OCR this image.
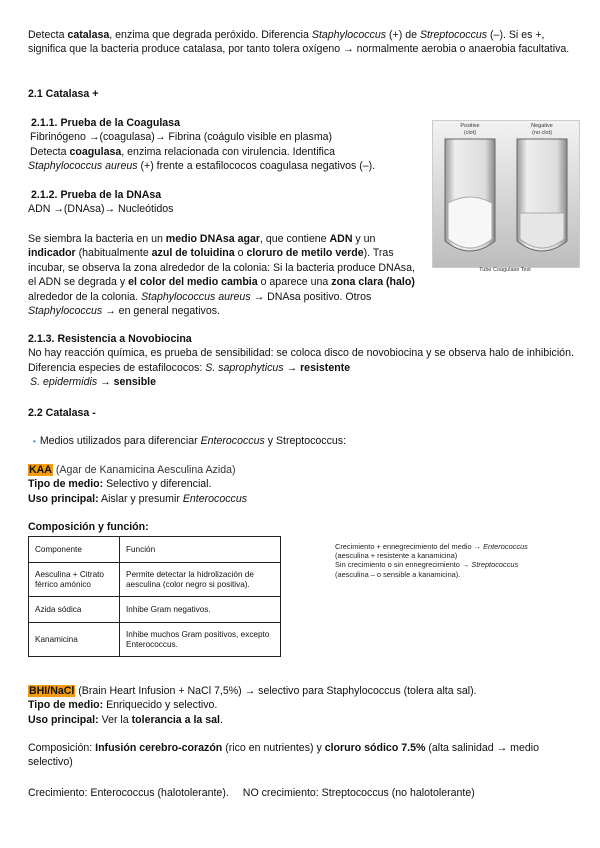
Detecta catalasa, enzima que degrada peróxido. Diferencia Staphylococcus (+) de Streptococcus (–). Si es +, significa que la bacteria produce catalasa, por tanto tolera oxígeno → normalmente aerobia o anaerobia facultativa.
2.1 Catalasa +
2.1.1. Prueba de la Coagulasa
Fibrinógeno →(coagulasa)→ Fibrina (coágulo visible en plasma)
Detecta coagulasa, enzima relacionada con virulencia. Identifica
Staphylococcus aureus (+) frente a estafilococos coagulasa negativos (–).
Positive
(clot)
Negative
(no clot)
Tube Coagulase Test
2.1.2. Prueba de la DNAsa
ADN →(DNAsa)→ Nucleótidos
Se siembra la bacteria en un medio DNAsa agar, que contiene ADN y un indicador (habitualmente azul de toluidina o cloruro de metilo verde). Tras incubar, se observa la zona alrededor de la colonia: Si la bacteria produce DNAsa, el ADN se degrada y el color del medio cambia o aparece una zona clara (halo) alrededor de la colonia. Staphylococcus aureus → DNAsa positivo. Otros Staphylococcus → en general negativos.
2.1.3. Resistencia a Novobiocina
No hay reacción química, es prueba de sensibilidad: se coloca disco de novobiocina y se observa halo de inhibición. Diferencia especies de estafilococos: S. saprophyticus → resistente
S. epidermidis → sensible
2.2 Catalasa -
• Medios utilizados para diferenciar Enterococcus y Streptococcus:
KAA (Agar de Kanamicina Aesculina Azida)
Tipo de medio: Selectivo y diferencial.
Uso principal: Aislar y presumir Enterococcus
Composición y función:
Componente	Función
Aesculina + Citrato férrico amónico	Permite detectar la hidrolización de aesculina (color negro si positiva).
Azida sódica	Inhibe Gram negativos.
Kanamicina	Inhibe muchos Gram positivos, excepto Enterococcus.
Crecimiento + ennegrecimiento del medio → Enterococcus
(aesculina + resistente a kanamicina)
Sin crecimiento o sin ennegrecimiento → Streptococcus
(aesculina – o sensible a kanamicina).
BHI/NaCl (Brain Heart Infusion + NaCl 7,5%) → selectivo para Staphylococcus (tolera alta sal).
Tipo de medio: Enriquecido y selectivo.
Uso principal: Ver la tolerancia a la sal.
Composición: Infusión cerebro-corazón (rico en nutrientes) y cloruro sódico 7.5% (alta salinidad → medio selectivo)
Crecimiento: Enterococcus (halotolerante). NO crecimiento: Streptococcus (no halotolerante)
